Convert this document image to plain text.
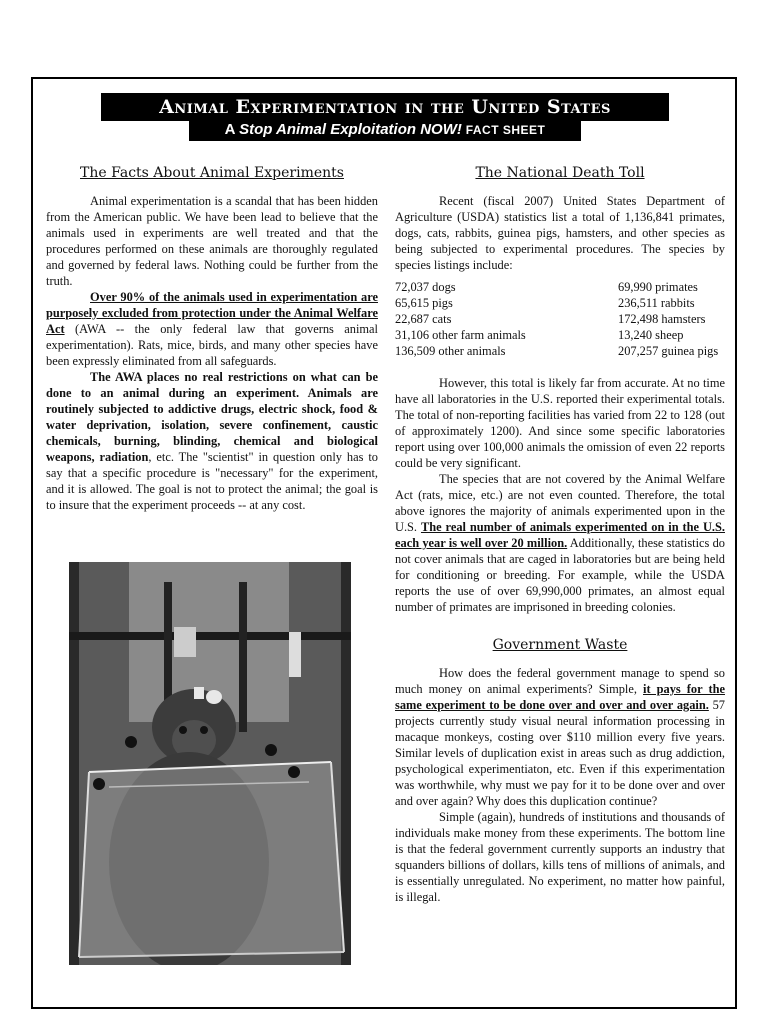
Animal Experimentation in the United States
A Stop Animal Exploitation NOW! FACT SHEET
The Facts About Animal Experiments

Animal experimentation is a scandal that has been hidden from the American public. We have been lead to believe that the animals used in experiments are well treated and that the procedures performed on these animals are thoroughly regulated and governed by federal laws. Nothing could be further from the truth.

Over 90% of the animals used in experimentation are purposely excluded from protection under the Animal Welfare Act (AWA -- the only federal law that governs animal experimentation). Rats, mice, birds, and many other species have been expressly eliminated from all safeguards.

The AWA places no real restrictions on what can be done to an animal during an experiment. Animals are routinely subjected to addictive drugs, electric shock, food & water deprivation, isolation, severe confinement, caustic chemicals, burning, blinding, chemical and biological weapons, radiation, etc. The "scientist" in question only has to say that a specific procedure is "necessary" for the experiment, and it is allowed. The goal is not to protect the animal; the goal is to insure that the experiment proceeds -- at any cost.

The National Death Toll

Recent (fiscal 2007) United States Department of Agriculture (USDA) statistics list a total of 1,136,841 primates, dogs, cats, rabbits, guinea pigs, hamsters, and other species as being subjected to experimental procedures. The species by species listings include:

72,037 dogs	69,990 primates
65,615 pigs	236,511 rabbits
22,687 cats	172,498 hamsters
31,106 other farm animals	13,240 sheep
136,509 other animals	207,257 guinea pigs

However, this total is likely far from accurate. At no time have all laboratories in the U.S. reported their experimental totals. The total of non-reporting facilities has varied from 22 to 128 (out of approximately 1200). And since some specific laboratories report using over 100,000 animals the omission of even 22 reports could be very significant.

The species that are not covered by the Animal Welfare Act (rats, mice, etc.) are not even counted. Therefore, the total above ignores the majority of animals experimented upon in the U.S. The real number of animals experimented on in the U.S. each year is well over 20 million. Additionally, these statistics do not cover animals that are caged in laboratories but are being held for conditioning or breeding. For example, while the USDA reports the use of over 69,990,000 primates, an almost equal number of primates are imprisoned in breeding colonies.

Government Waste

How does the federal government manage to spend so much money on animal experiments? Simple, it pays for the same experiment to be done over and over and over again. 57 projects currently study visual neural information processing in macaque monkeys, costing over $110 million every five years. Similar levels of duplication exist in areas such as drug addiction, psychological experimentiaton, etc. Even if this experimentation was worthwhile, why must we pay for it to be done over and over and over again? Why does this duplication continue?

Simple (again), hundreds of institutions and thousands of individuals make money from these experiments. The bottom line is that the federal government currently supports an industry that squanders billions of dollars, kills tens of millions of animals, and is essentially unregulated. No experiment, no matter how painful, is illegal.
